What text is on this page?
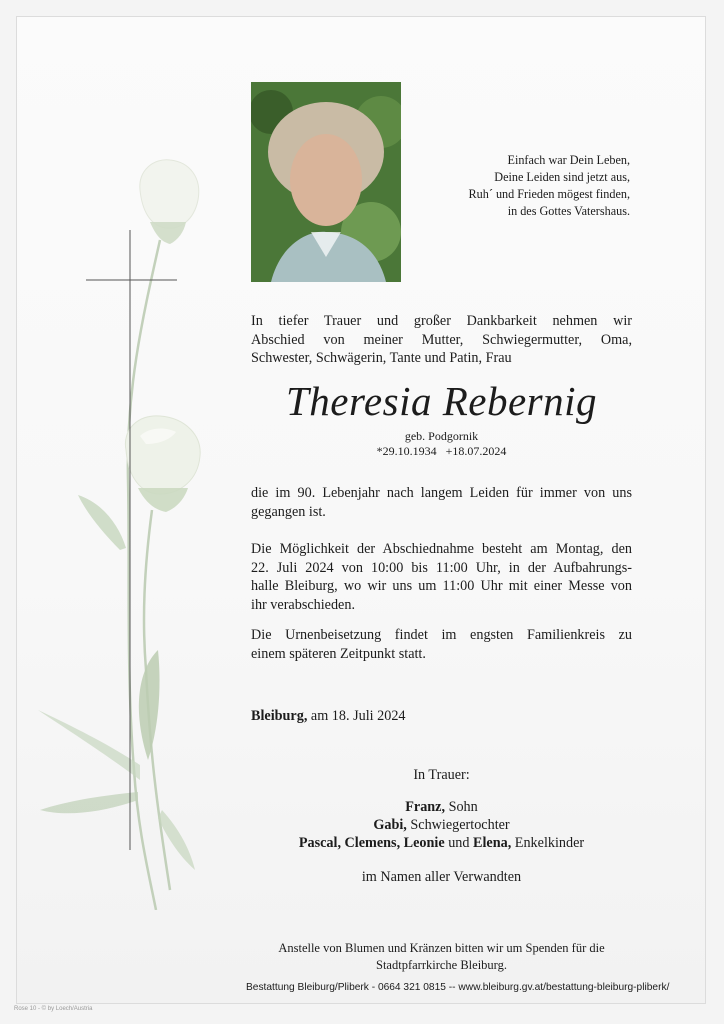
Einfach war Dein Leben,
Deine Leiden sind jetzt aus,
Ruh´ und Frieden mögest finden,
in des Gottes Vatershaus.
In tiefer Trauer und großer Dankbarkeit nehmen wir
Abschied von meiner Mutter, Schwiegermutter, Oma,
Schwester, Schwägerin, Tante und Patin, Frau
Theresia Rebernig
geb. Podgornik
*29.10.1934 +18.07.2024
die im 90. Lebenjahr nach langem Leiden für immer von uns
gegangen ist.
Die Möglichkeit der Abschiednahme besteht am Montag, den
22. Juli 2024 von 10:00 bis 11:00 Uhr, in der Aufbahrungs-
halle Bleiburg, wo wir uns um 11:00 Uhr mit einer Messe von
ihr verabschieden.
Die Urnenbeisetzung findet im engsten Familienkreis zu
einem späteren Zeitpunkt statt.
Bleiburg, am 18. Juli 2024
In Trauer:
Franz, Sohn
Gabi, Schwiegertochter
Pascal, Clemens, Leonie und Elena, Enkelkinder
im Namen aller Verwandten
Anstelle von Blumen und Kränzen bitten wir um Spenden für die
Stadtpfarrkirche Bleiburg.
Bestattung Bleiburg/Pliberk - 0664 321 0815 -- www.bleiburg.gv.at/bestattung-bleiburg-pliberk/
Rose 10 - © by Loech/Austria
